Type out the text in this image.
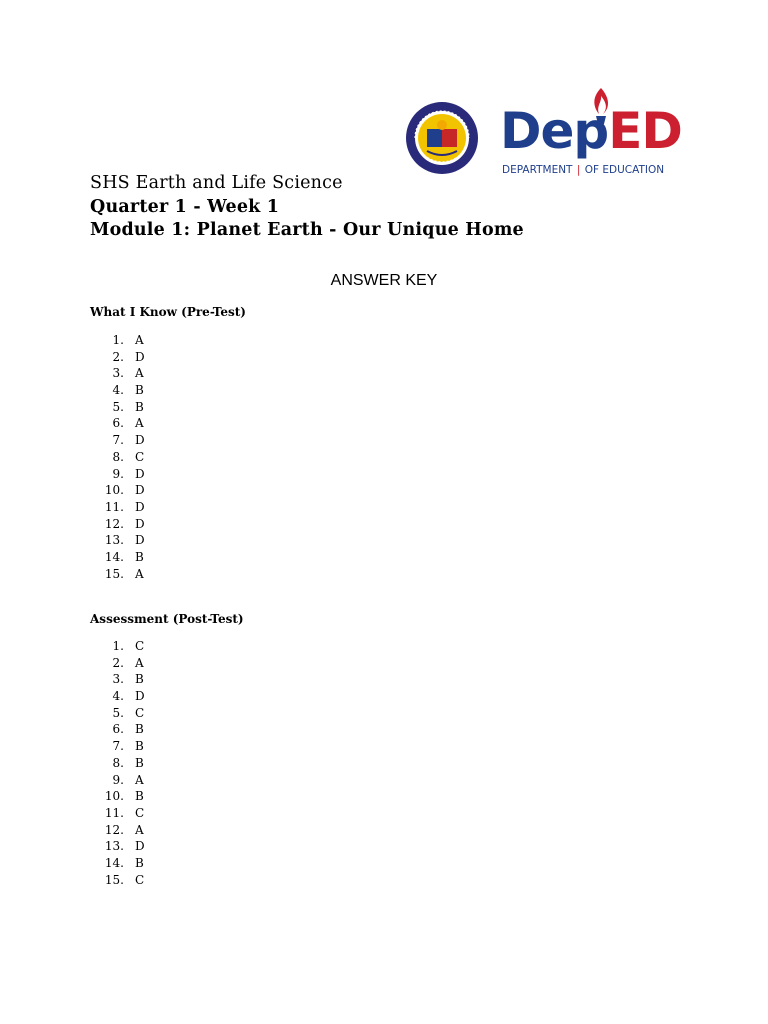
DepED
DEPARTMENT | OF EDUCATION
SHS Earth and Life Science
Quarter 1 - Week 1
Module 1: Planet Earth - Our Unique Home
ANSWER KEY
What I Know (Pre-Test)
1. A
2. D
3. A
4. B
5. B
6. A
7. D
8. C
9. D
10. D
11. D
12. D
13. D
14. B
15. A
Assessment (Post-Test)
1. C
2. A
3. B
4. D
5. C
6. B
7. B
8. B
9. A
10. B
11. C
12. A
13. D
14. B
15. C
